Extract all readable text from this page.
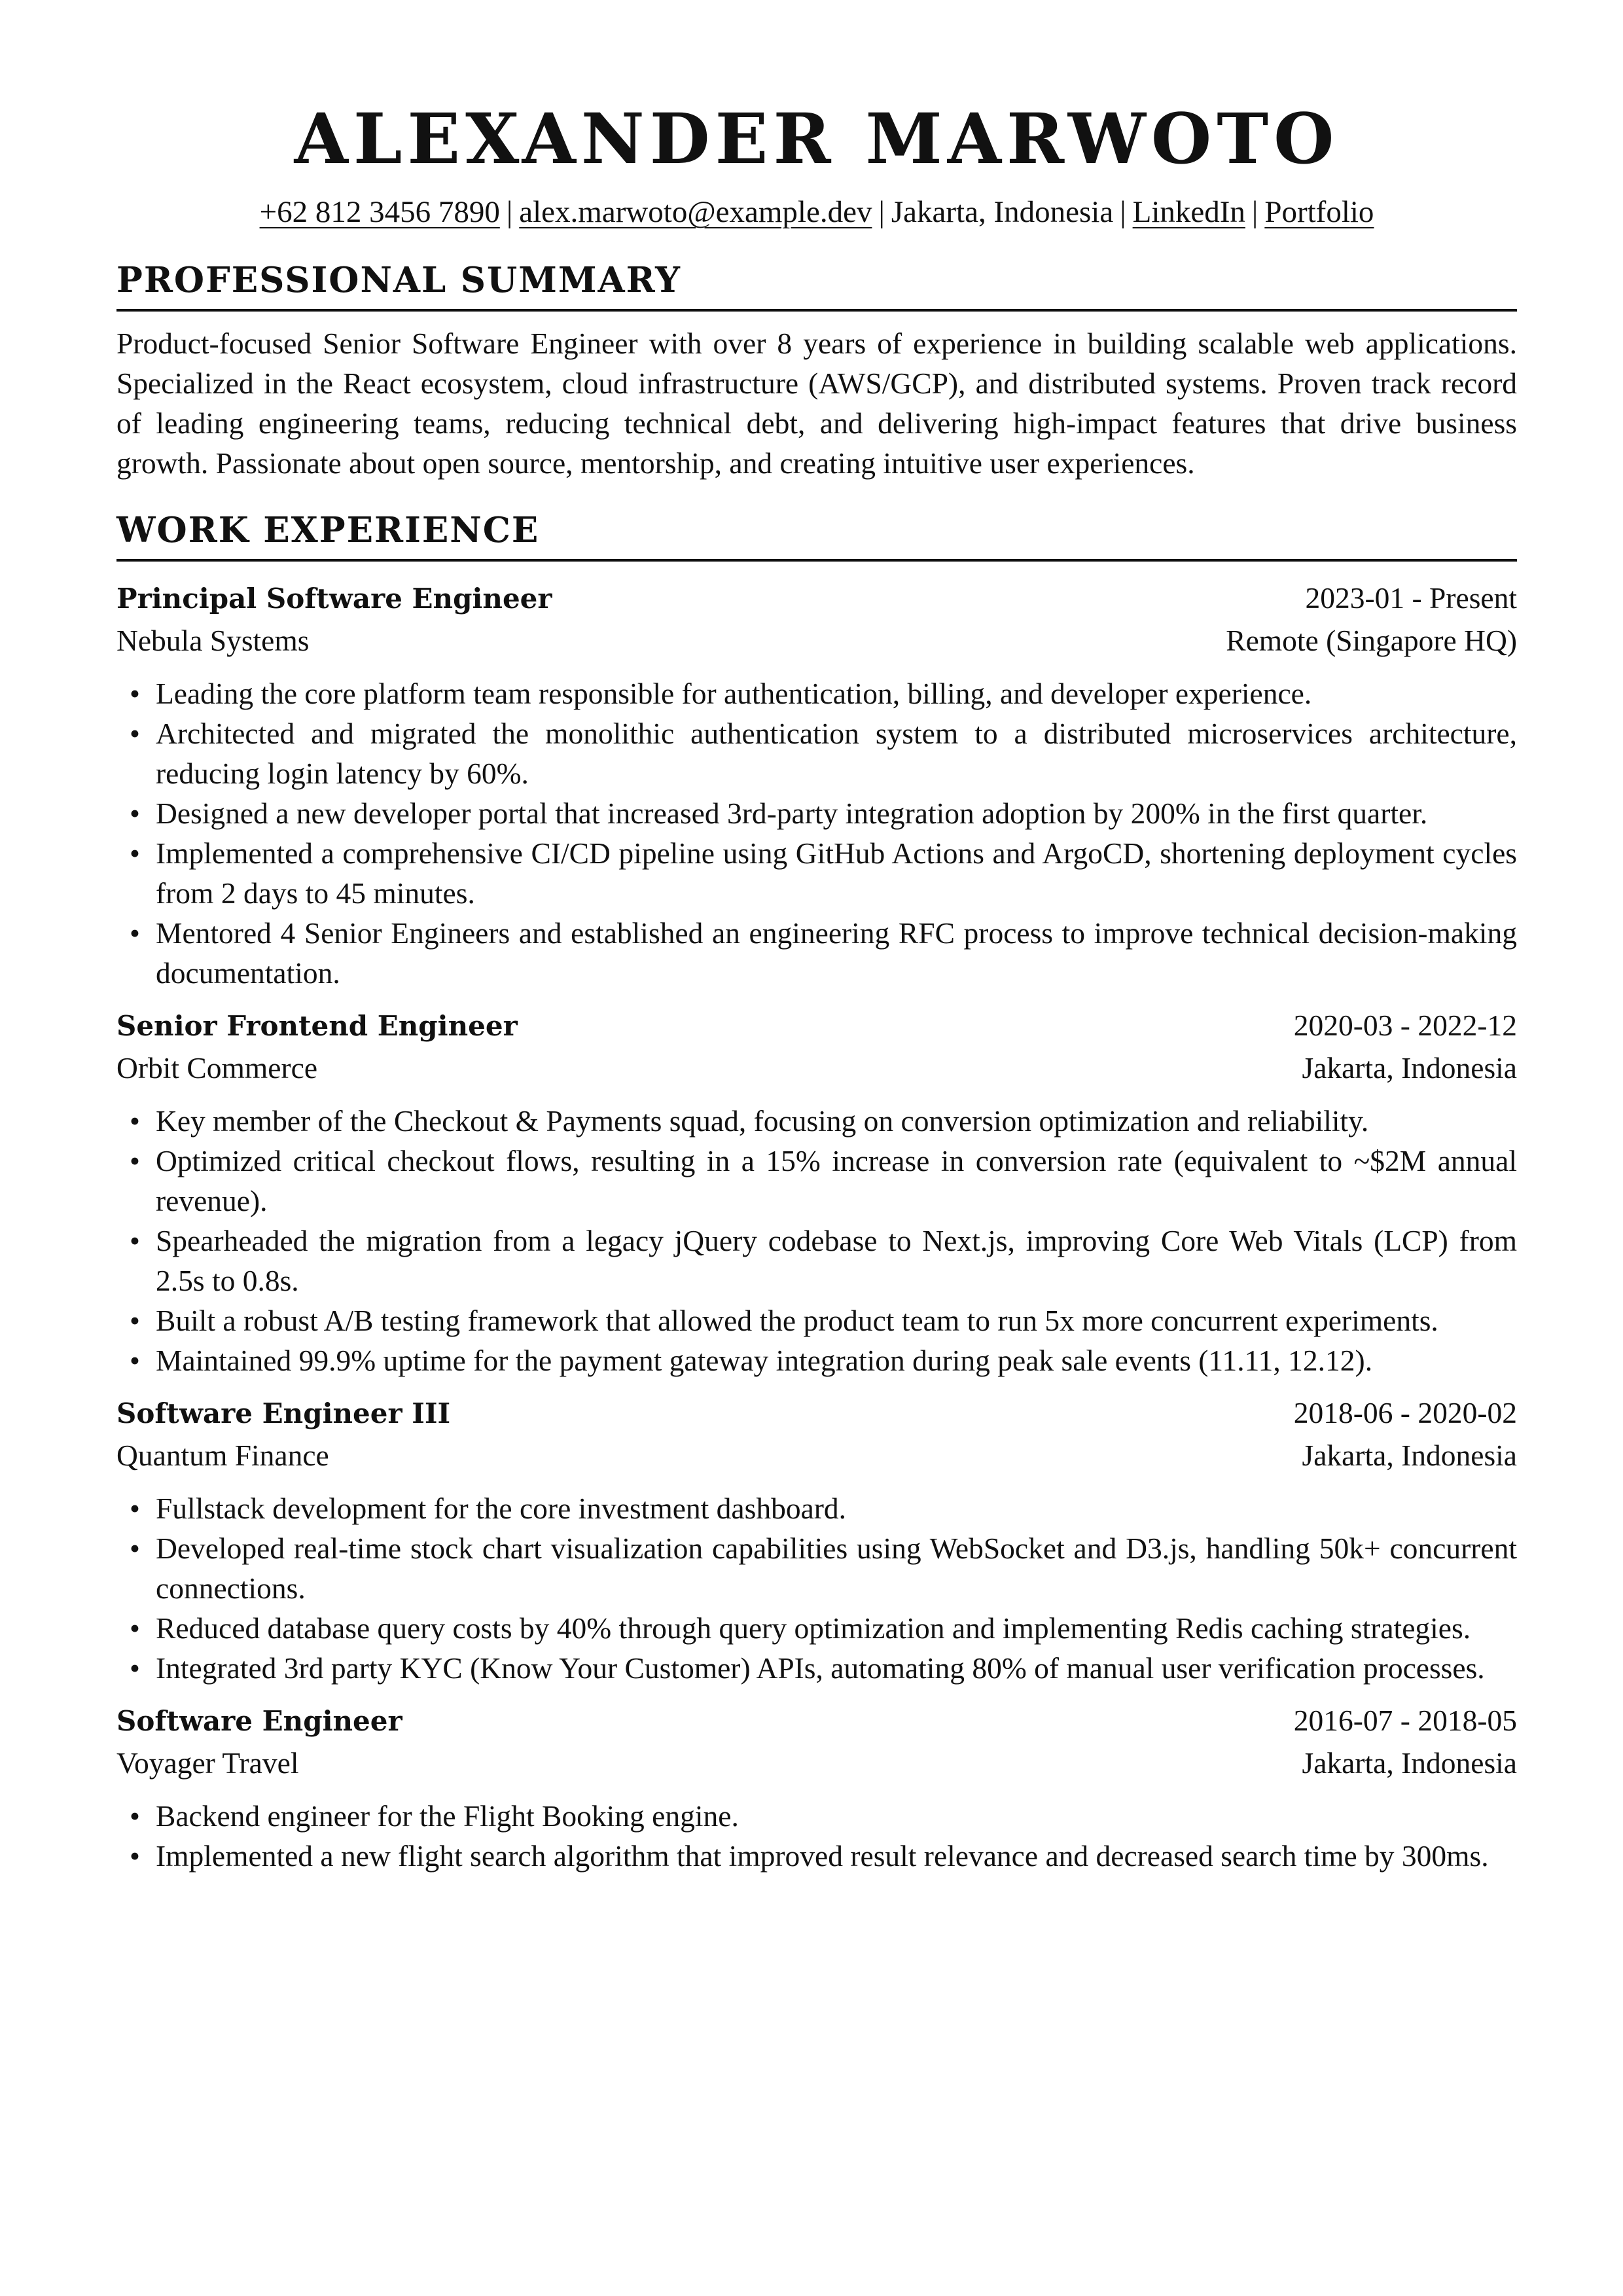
ALEXANDER MARWOTO
+62 812 3456 7890 | alex.marwoto@example.dev | Jakarta, Indonesia | LinkedIn | Portfolio
PROFESSIONAL SUMMARY

Product-focused Senior Software Engineer with over 8 years of experience in building scalable web applications. Specialized in the React ecosystem, cloud infrastructure (AWS/GCP), and distributed systems. Proven track record of leading engineering teams, reducing technical debt, and delivering high-impact features that drive business growth. Passionate about open source, mentorship, and creating intuitive user experiences.

WORK EXPERIENCE
Principal Software Engineer	2023-01 - Present
Nebula Systems	Remote (Singapore HQ)
• Leading the core platform team responsible for authentication, billing, and developer experience.
• Architected and migrated the monolithic authentication system to a distributed microservices architecture, reducing login latency by 60%.
• Designed a new developer portal that increased 3rd-party integration adoption by 200% in the first quarter.
• Implemented a comprehensive CI/CD pipeline using GitHub Actions and ArgoCD, shortening deployment cycles from 2 days to 45 minutes.
• Mentored 4 Senior Engineers and established an engineering RFC process to improve technical decision-making documentation.
Senior Frontend Engineer	2020-03 - 2022-12
Orbit Commerce	Jakarta, Indonesia
• Key member of the Checkout & Payments squad, focusing on conversion optimization and reliability.
• Optimized critical checkout flows, resulting in a 15% increase in conversion rate (equivalent to ~$2M annual revenue).
• Spearheaded the migration from a legacy jQuery codebase to Next.js, improving Core Web Vitals (LCP) from 2.5s to 0.8s.
• Built a robust A/B testing framework that allowed the product team to run 5x more concurrent experiments.
• Maintained 99.9% uptime for the payment gateway integration during peak sale events (11.11, 12.12).
Software Engineer III	2018-06 - 2020-02
Quantum Finance	Jakarta, Indonesia
• Fullstack development for the core investment dashboard.
• Developed real-time stock chart visualization capabilities using WebSocket and D3.js, handling 50k+ concurrent connections.
• Reduced database query costs by 40% through query optimization and implementing Redis caching strategies.
• Integrated 3rd party KYC (Know Your Customer) APIs, automating 80% of manual user verification processes.
Software Engineer	2016-07 - 2018-05
Voyager Travel	Jakarta, Indonesia
• Backend engineer for the Flight Booking engine.
• Implemented a new flight search algorithm that improved result relevance and decreased search time by 300ms.
